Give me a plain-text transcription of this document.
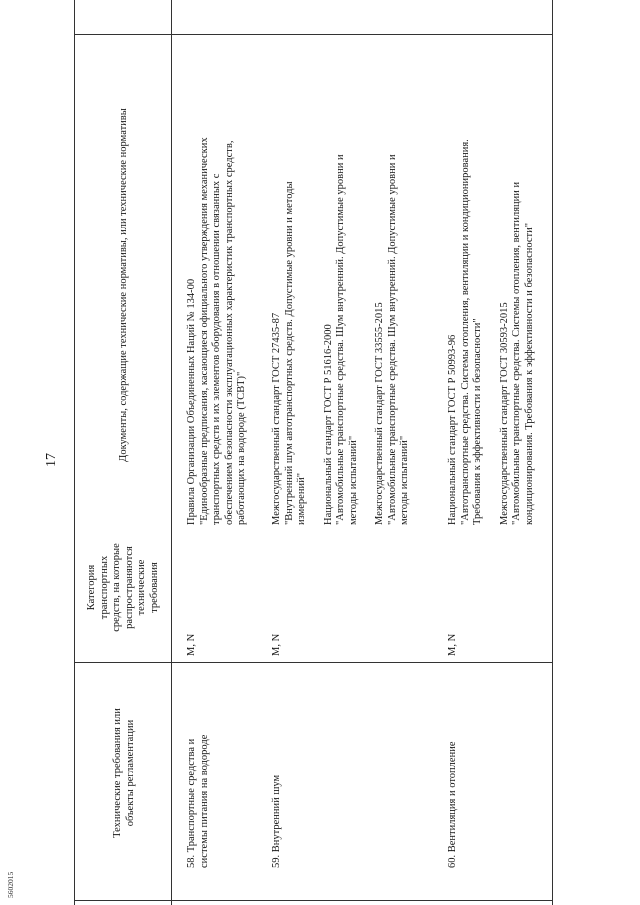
17
5602015
Технические требования или объекты регламентации
Категория транспортных средств, на которые распространяются технические требования
Документы, содержащие технические нормативы, или технические нормативы
58. Транспортные средства и системы питания на водороде
M, N
Правила Организации Объединенных Наций № 134-00 "Единообразные предписания, касающиеся официального утверждения механических транспортных средств и их элементов оборудования в отношении связанных с обеспечением безопасности эксплуатационных характеристик транспортных средств, работающих на водороде (ТСВТ)"
59. Внутренний шум
M, N
Межгосударственный стандарт ГОСТ 27435-87 "Внутренний шум автотранспортных средств. Допустимые уровни и методы измерений" Национальный стандарт ГОСТ Р 51616-2000 "Автомобильные транспортные средства. Шум внутренний. Допустимые уровни и методы испытаний" Межгосударственный стандарт ГОСТ 33555-2015 "Автомобильные транспортные средства. Шум внутренний. Допустимые уровни и методы испытаний"
60. Вентиляция и отопление
M, N
Национальный стандарт ГОСТ Р 50993-96 "Автотранспортные средства. Системы отопления, вентиляции и кондиционирования. Требования к эффективности и безопасности" Межгосударственный стандарт ГОСТ 30593-2015 "Автомобильные транспортные средства. Системы отопления, вентиляции и кондиционирования. Требования к эффективности и безопасности"
